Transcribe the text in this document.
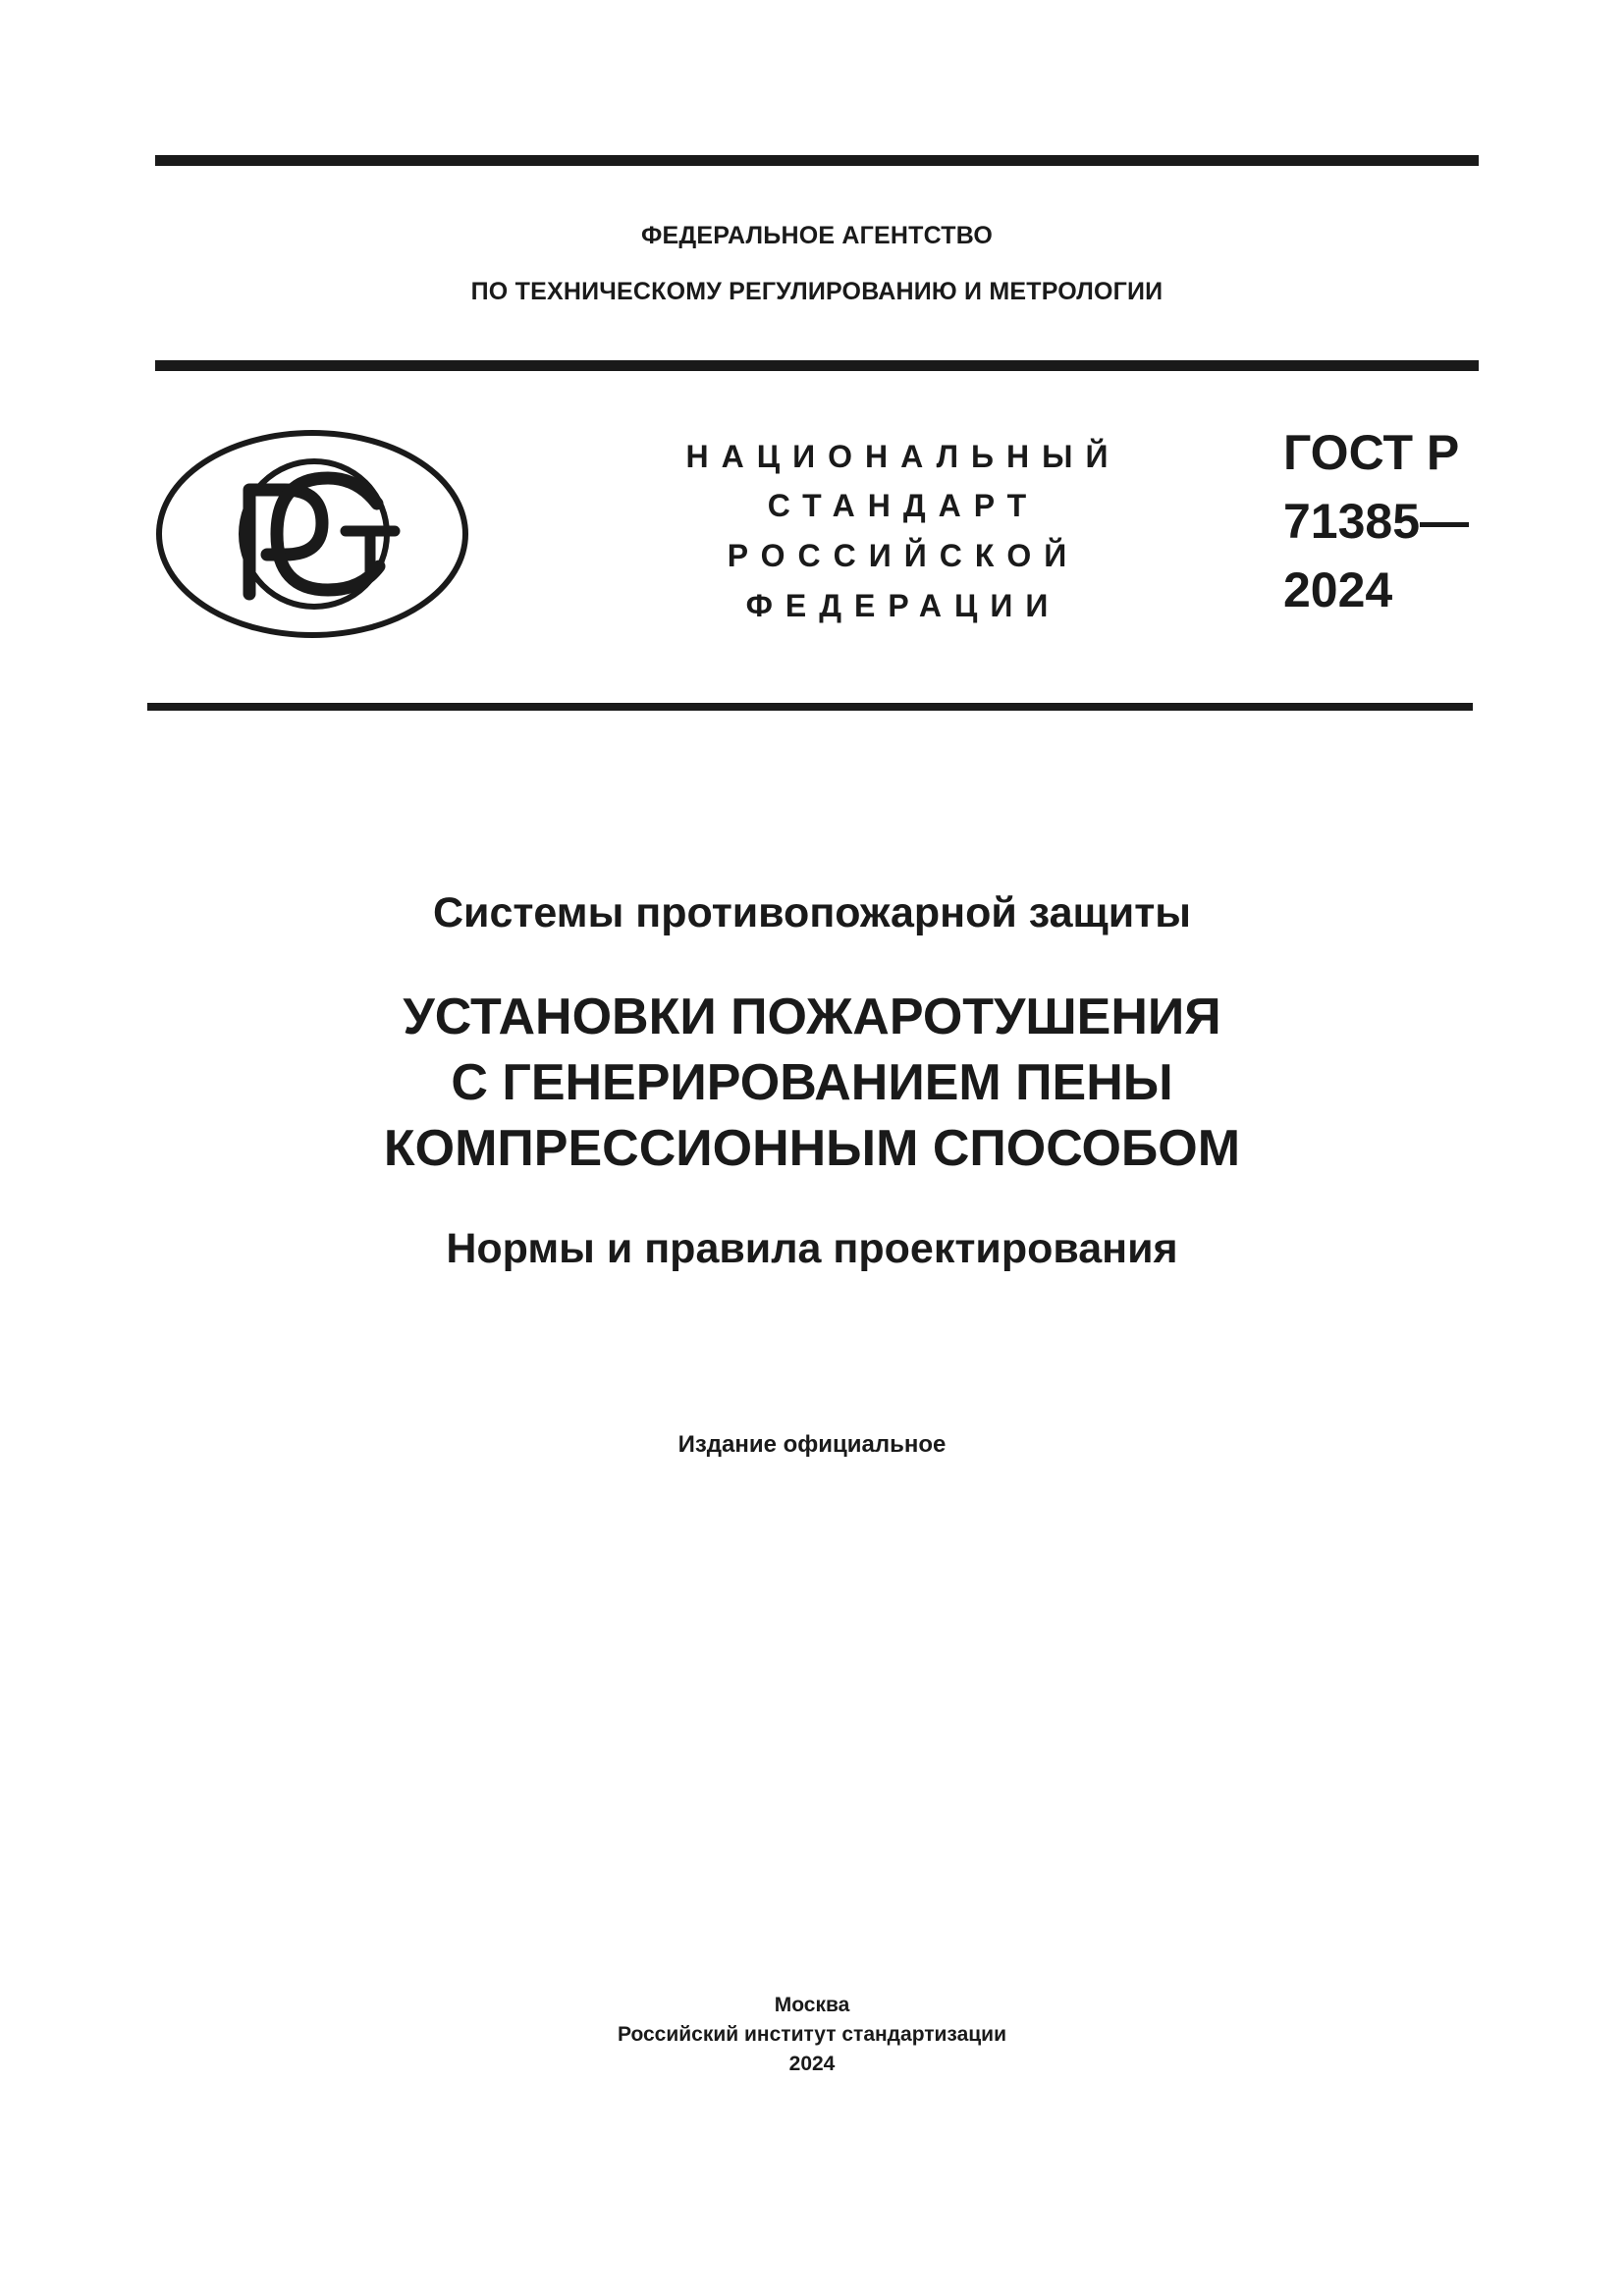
ФЕДЕРАЛЬНОЕ АГЕНТСТВО
ПО ТЕХНИЧЕСКОМУ РЕГУЛИРОВАНИЮ И МЕТРОЛОГИИ
НАЦИОНАЛЬНЫЙ
СТАНДАРТ
РОССИЙСКОЙ
ФЕДЕРАЦИИ
ГОСТ Р
71385—
2024
Системы противопожарной защиты
УСТАНОВКИ ПОЖАРОТУШЕНИЯ
С ГЕНЕРИРОВАНИЕМ ПЕНЫ
КОМПРЕССИОННЫМ СПОСОБОМ
Нормы и правила проектирования
Издание официальное
Москва
Российский институт стандартизации
2024
